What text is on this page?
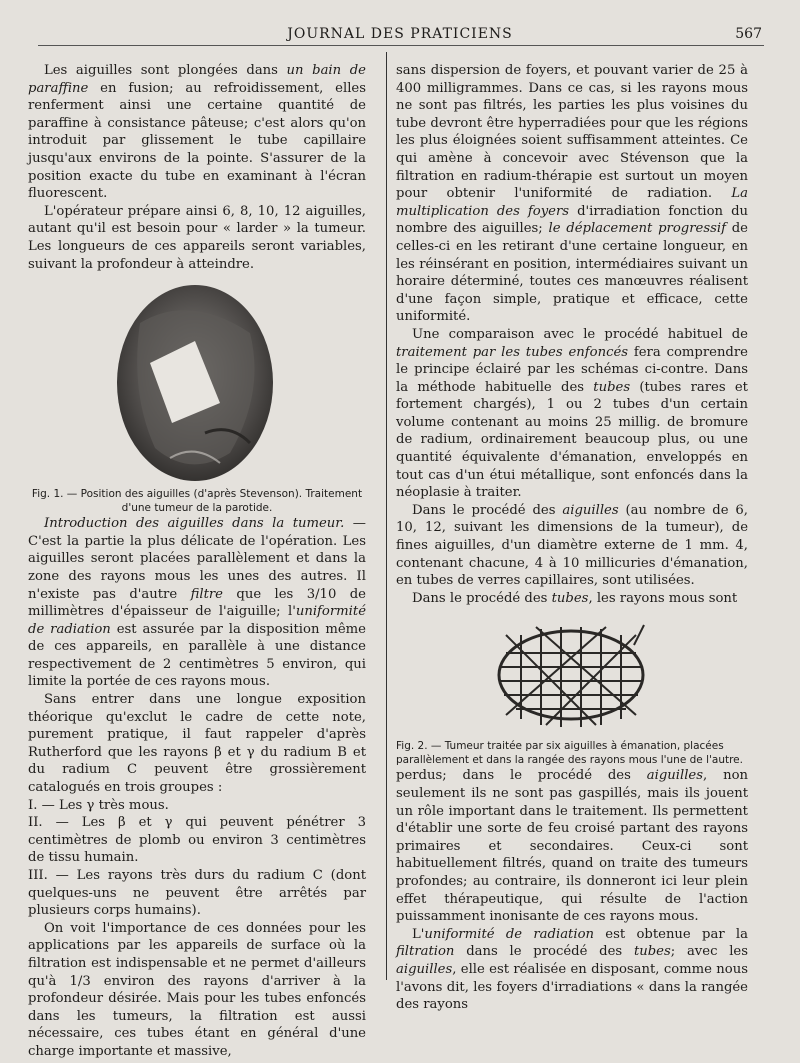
JOURNAL DES PRATICIENS	567

Les aiguilles sont plongées dans un bain de paraffine en fusion; au refroidissement, elles renferment ainsi une certaine quantité de paraffine à consistance pâteuse; c'est alors qu'on introduit par glissement le tube capillaire jusqu'aux environs de la pointe. S'assurer de la position exacte du tube en examinant à l'écran fluorescent.

L'opérateur prépare ainsi 6, 8, 10, 12 aiguilles, autant qu'il est besoin pour « larder » la tumeur. Les longueurs de ces appareils seront variables, suivant la profondeur à atteindre.

Fig. 1. — Position des aiguilles (d'après Stevenson). Traitement d'une tumeur de la parotide.

Introduction des aiguilles dans la tumeur. — C'est la partie la plus délicate de l'opération. Les aiguilles seront placées parallèlement et dans la zone des rayons mous les unes des autres. Il n'existe pas d'autre filtre que les 3/10 de millimètres d'épaisseur de l'aiguille; l'uniformité de radiation est assurée par la disposition même de ces appareils, en parallèle à une distance respectivement de 2 centimètres 5 environ, qui limite la portée de ces rayons mous.

Sans entrer dans une longue exposition théorique qu'exclut le cadre de cette note, purement pratique, il faut rappeler d'après Rutherford que les rayons β et γ du radium B et du radium C peuvent être grossièrement catalogués en trois groupes :

I. — Les γ très mous.

II. — Les β et γ qui peuvent pénétrer 3 centimètres de plomb ou environ 3 centimètres de tissu humain.

III. — Les rayons très durs du radium C (dont quelques-uns ne peuvent être arrêtés par plusieurs corps humains).

On voit l'importance de ces données pour les applications par les appareils de surface où la filtration est indispensable et ne permet d'ailleurs qu'à 1/3 environ des rayons d'arriver à la profondeur désirée. Mais pour les tubes enfoncés dans les tumeurs, la filtration est aussi nécessaire, ces tubes étant en général d'une charge importante et massive,

sans dispersion de foyers, et pouvant varier de 25 à 400 milligrammes. Dans ce cas, si les rayons mous ne sont pas filtrés, les parties les plus voisines du tube devront être hyperradiées pour que les régions les plus éloignées soient suffisamment atteintes. Ce qui amène à concevoir avec Stévenson que la filtration en radium-thérapie est surtout un moyen pour obtenir l'uniformité de radiation. La multiplication des foyers d'irradiation fonction du nombre des aiguilles; le déplacement progressif de celles-ci en les retirant d'une certaine longueur, en les réinsérant en position, intermédiaires suivant un horaire déterminé, toutes ces manœuvres réalisent d'une façon simple, pratique et efficace, cette uniformité.

Une comparaison avec le procédé habituel de traitement par les tubes enfoncés fera comprendre le principe éclairé par les schémas ci-contre. Dans la méthode habituelle des tubes (tubes rares et fortement chargés), 1 ou 2 tubes d'un certain volume contenant au moins 25 millig. de bromure de radium, ordinairement beaucoup plus, ou une quantité équivalente d'émanation, enveloppés en tout cas d'un étui métallique, sont enfoncés dans la néoplasie à traiter.

Dans le procédé des aiguilles (au nombre de 6, 10, 12, suivant les dimensions de la tumeur), de fines aiguilles, d'un diamètre externe de 1 mm. 4, contenant chacune, 4 à 10 millicuries d'émanation, en tubes de verres capillaires, sont utilisées.

Dans le procédé des tubes, les rayons mous sont

Fig. 2. — Tumeur traitée par six aiguilles à émanation, placées parallèlement et dans la rangée des rayons mous l'une de l'autre.

perdus; dans le procédé des aiguilles, non seulement ils ne sont pas gaspillés, mais ils jouent un rôle important dans le traitement. Ils permettent d'établir une sorte de feu croisé partant des rayons primaires et secondaires. Ceux-ci sont habituellement filtrés, quand on traite des tumeurs profondes; au contraire, ils donneront ici leur plein effet thérapeutique, qui résulte de l'action puissamment inonisante de ces rayons mous.

L'uniformité de radiation est obtenue par la filtration dans le procédé des tubes; avec les aiguilles, elle est réalisée en disposant, comme nous l'avons dit, les foyers d'irradiations « dans la rangée des rayons
